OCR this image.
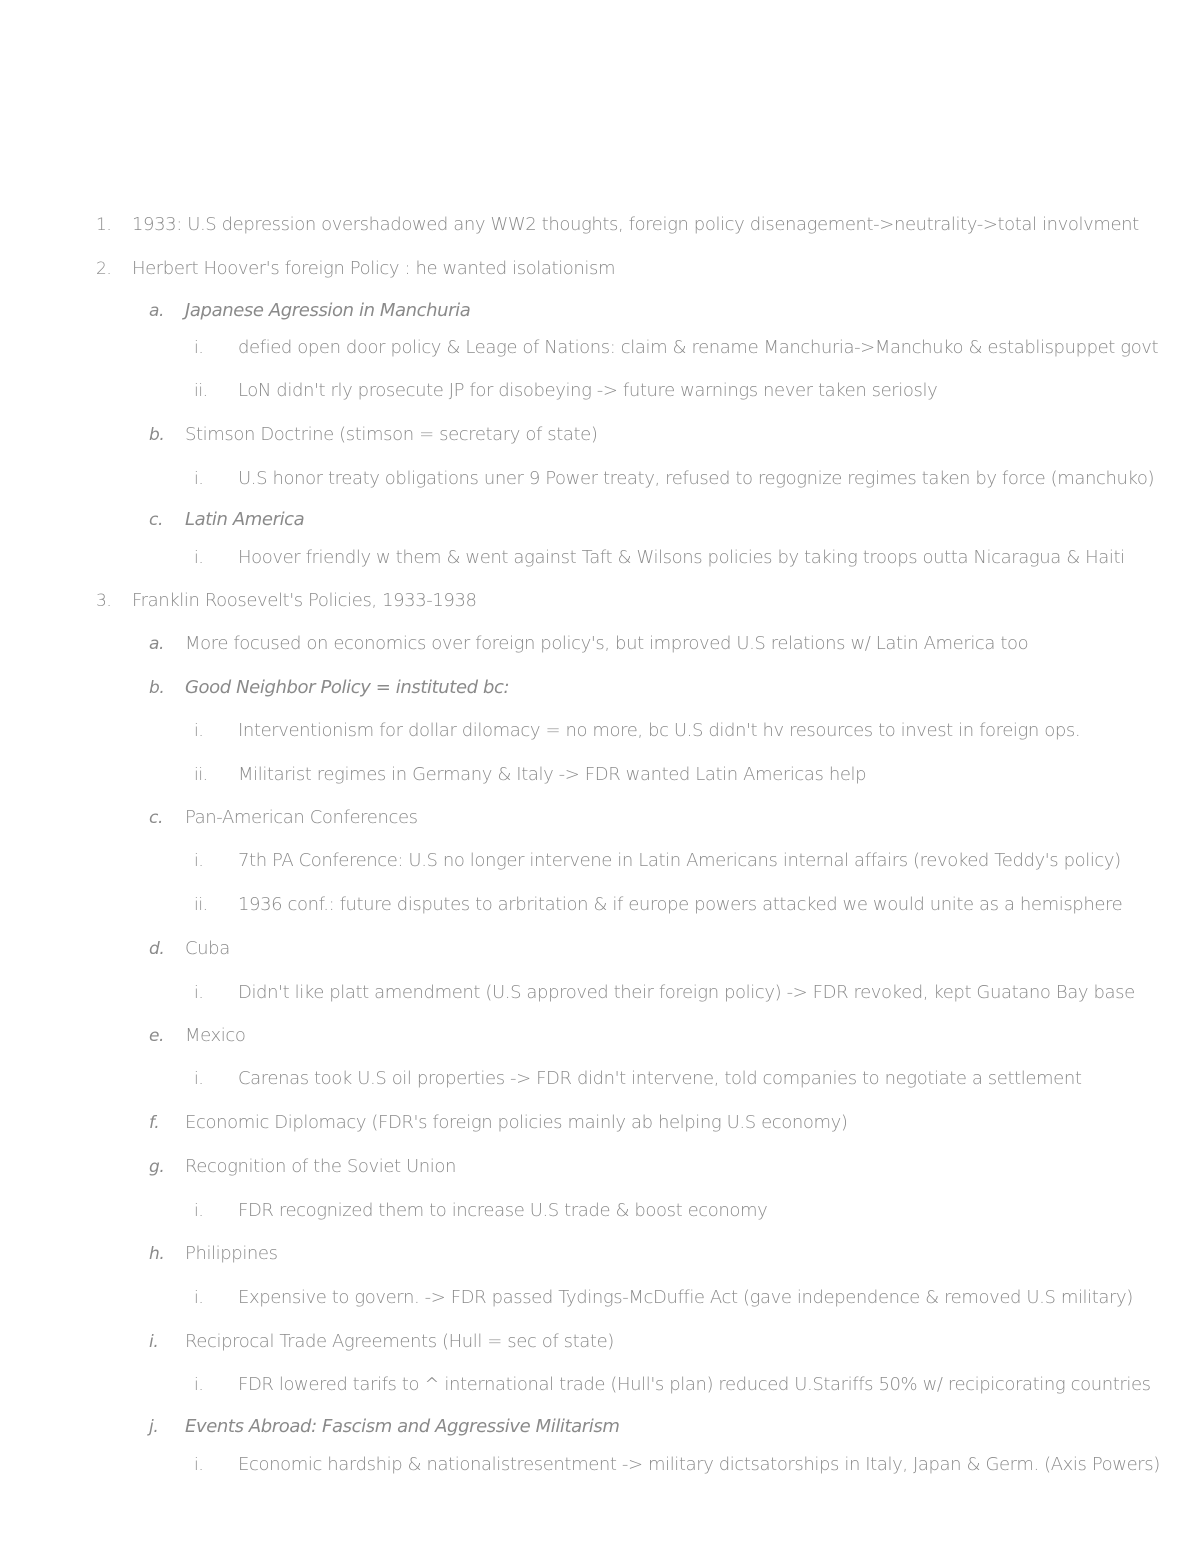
1.	1933: U.S depression overshadowed any WW2 thoughts, foreign policy disenagement->neutrality->total involvment
2.	Herbert Hoover's foreign Policy : he wanted isolationism
a.	Japanese Agression in Manchuria
i.	defied open door policy & Leage of Nations: claim & rename Manchuria->Manchuko & establispuppet govt
ii.	LoN didn't rly prosecute JP for disobeying -> future warnings never taken seriosly
b.	Stimson Doctrine (stimson = secretary of state)
i.	U.S honor treaty obligations uner 9 Power treaty, refused to regognize regimes taken by force (manchuko)
c.	Latin America
i.	Hoover friendly w them & went against Taft & Wilsons policies by taking troops outta Nicaragua & Haiti
3.	Franklin Roosevelt's Policies, 1933-1938
a.	More focused on economics over foreign policy's, but improved U.S relations w/ Latin America too
b.	Good Neighbor Policy = instituted bc:
i.	Interventionism for dollar dilomacy = no more, bc U.S didn't hv resources to invest in foreign ops.
ii.	Militarist regimes in Germany & Italy -> FDR wanted Latin Americas help
c.	Pan-American Conferences
i.	7th PA Conference: U.S no longer intervene in Latin Americans internal affairs (revoked Teddy's policy)
ii.	1936 conf.: future disputes to arbritation & if europe powers attacked we would unite as a hemisphere
d.	Cuba
i.	Didn't like platt amendment (U.S approved their foreign policy) -> FDR revoked, kept Guatano Bay base
e.	Mexico
i.	Carenas took U.S oil properties -> FDR didn't intervene, told companies to negotiate a settlement
f.	Economic Diplomacy (FDR's foreign policies mainly ab helping U.S economy)
g.	Recognition of the Soviet Union
i.	FDR recognized them to increase U.S trade & boost economy
h.	Philippines
i.	Expensive to govern. -> FDR passed Tydings-McDuffie Act (gave independence & removed U.S military)
i.	Reciprocal Trade Agreements (Hull = sec of state)
i.	FDR lowered tarifs to ^ international trade (Hull's plan) reduced U.Stariffs 50% w/ recipicorating countries
j.	Events Abroad: Fascism and Aggressive Militarism
i.	Economic hardship & nationalistresentment -> military dictsatorships in Italy, Japan & Germ. (Axis Powers)
